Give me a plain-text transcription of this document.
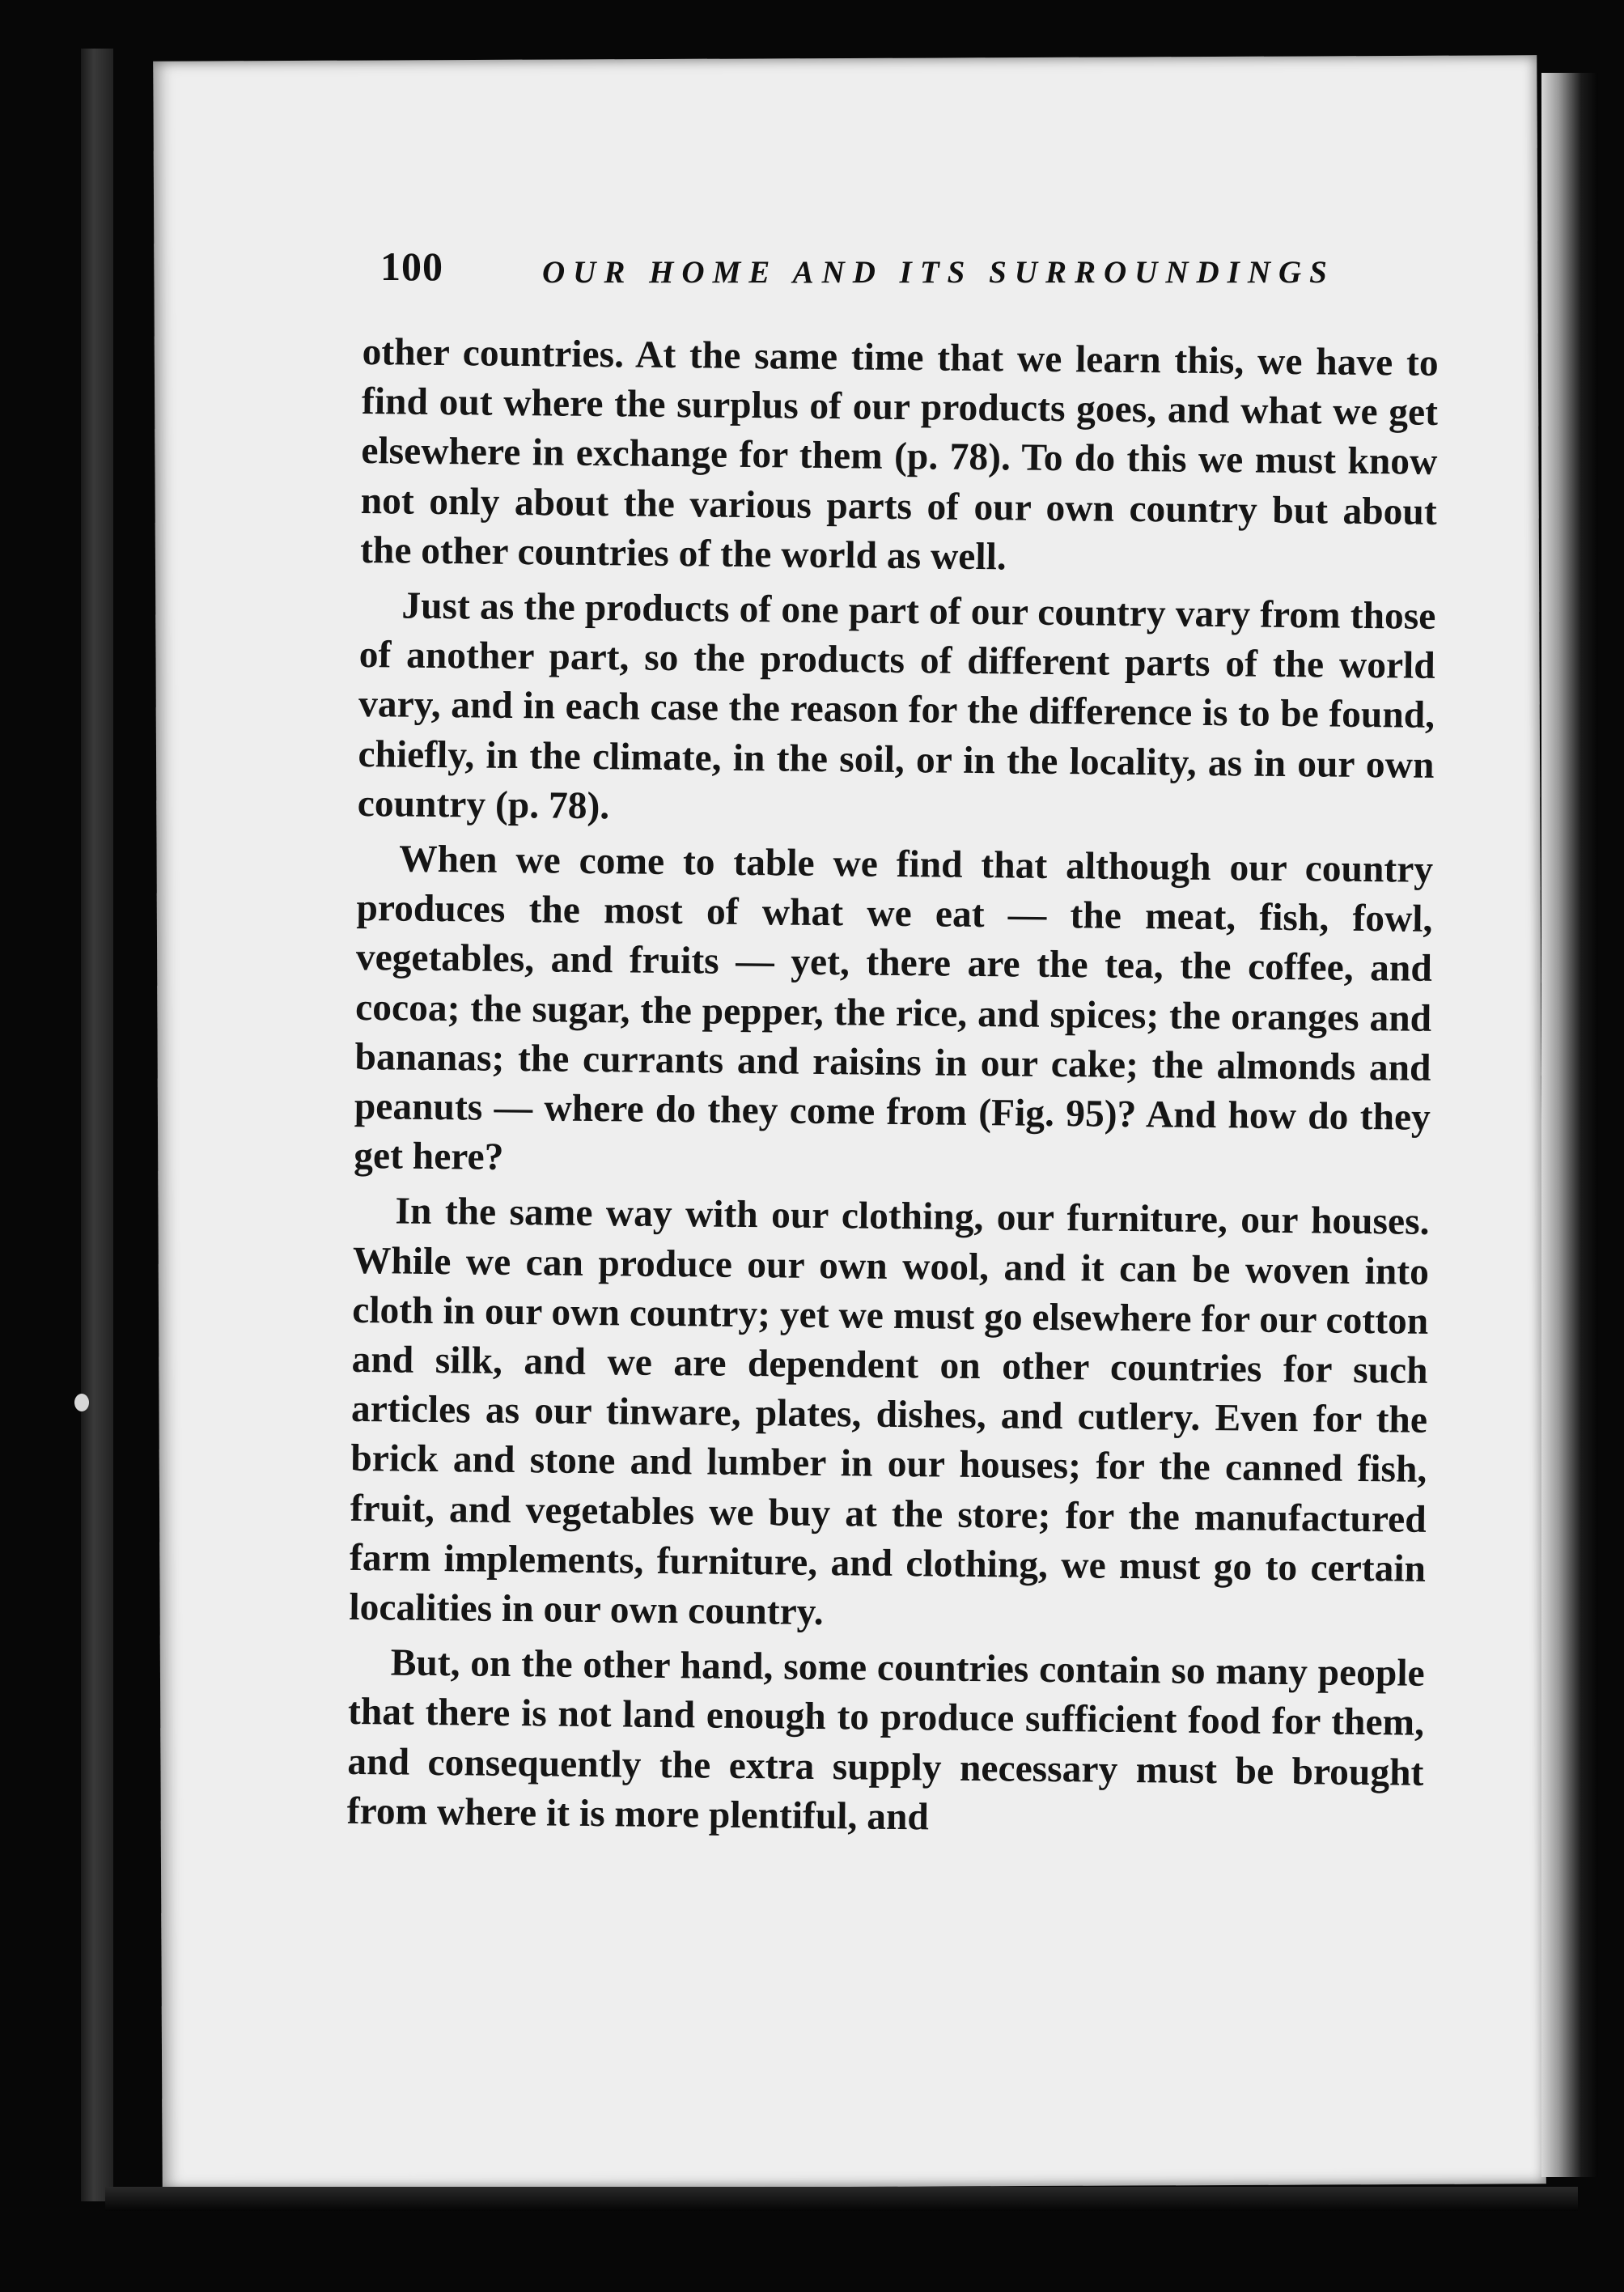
100	OUR HOME AND ITS SURROUNDINGS

other countries. At the same time that we learn this, we have to find out where the surplus of our products goes, and what we get elsewhere in exchange for them (p. 78). To do this we must know not only about the various parts of our own country but about the other countries of the world as well.

Just as the products of one part of our country vary from those of another part, so the products of different parts of the world vary, and in each case the reason for the difference is to be found, chiefly, in the climate, in the soil, or in the locality, as in our own country (p. 78).

When we come to table we find that although our country produces the most of what we eat — the meat, fish, fowl, vegetables, and fruits — yet, there are the tea, the coffee, and cocoa; the sugar, the pepper, the rice, and spices; the oranges and bananas; the currants and raisins in our cake; the almonds and peanuts — where do they come from (Fig. 95)? And how do they get here?

In the same way with our clothing, our furniture, our houses. While we can produce our own wool, and it can be woven into cloth in our own country; yet we must go elsewhere for our cotton and silk, and we are dependent on other countries for such articles as our tinware, plates, dishes, and cutlery. Even for the brick and stone and lumber in our houses; for the canned fish, fruit, and vegetables we buy at the store; for the manufactured farm implements, furniture, and clothing, we must go to certain localities in our own country.

But, on the other hand, some countries contain so many people that there is not land enough to produce sufficient food for them, and consequently the extra supply necessary must be brought from where it is more plentiful, and
